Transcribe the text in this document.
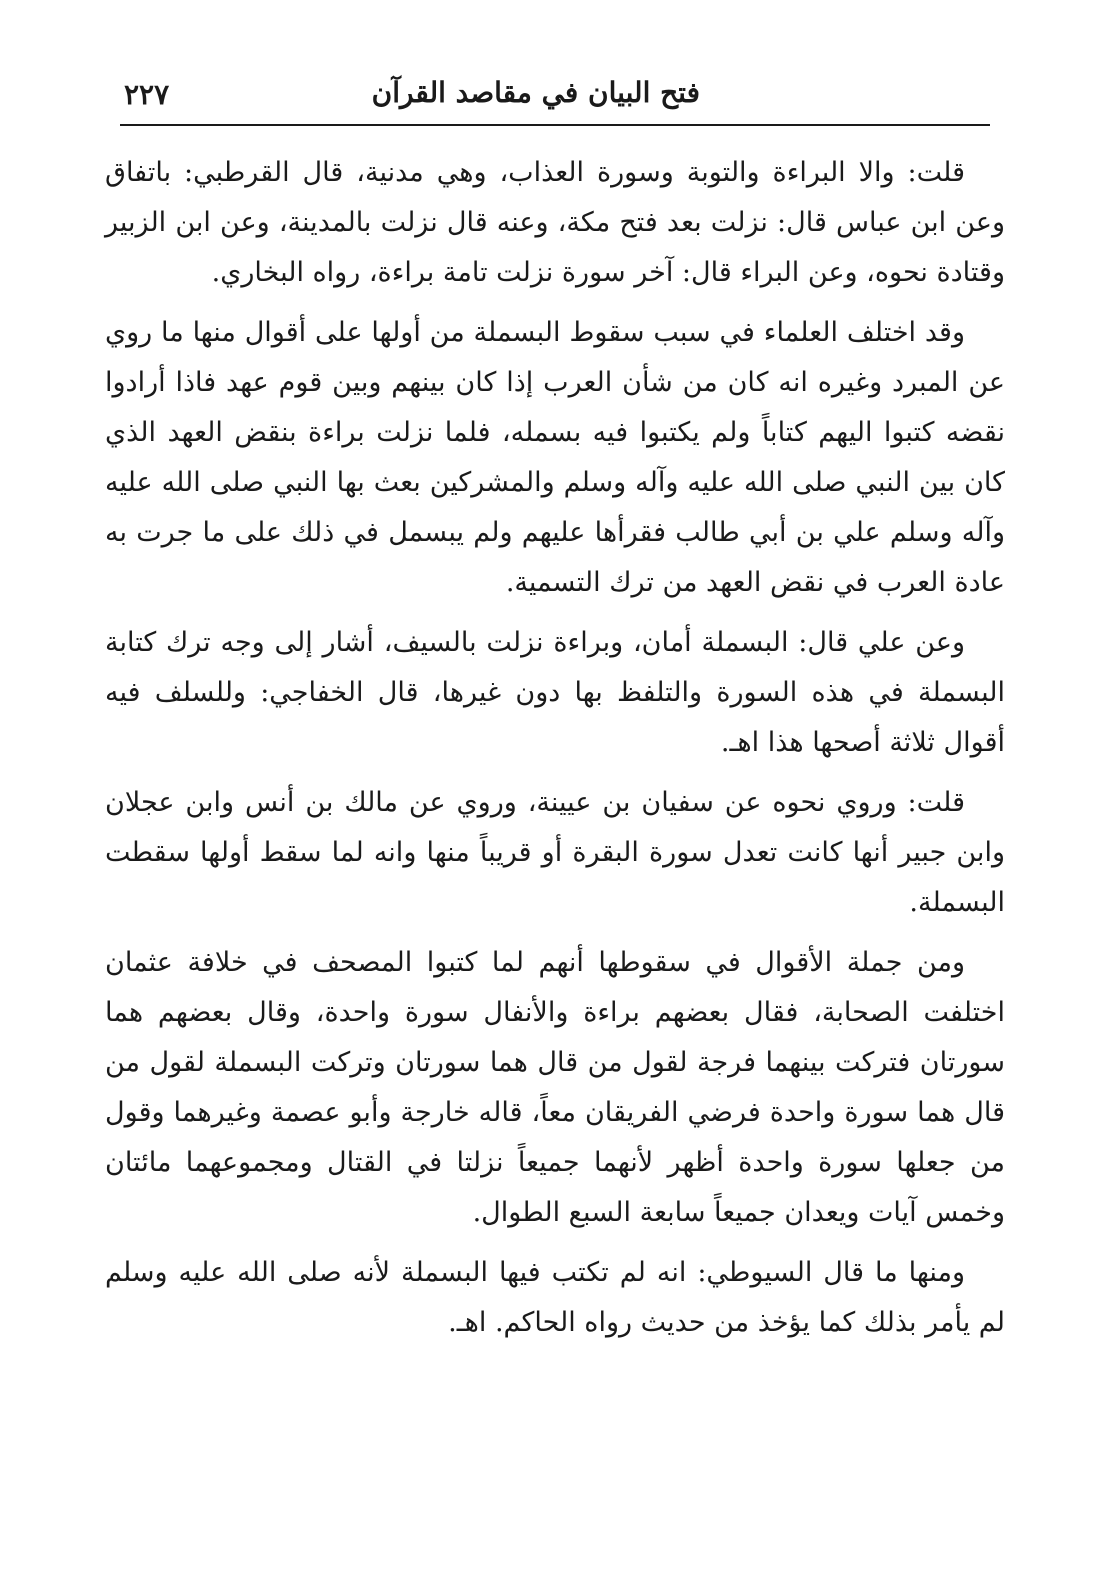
فتح البيان في مقاصد القرآن
٢٢٧

قلت: والا البراءة والتوبة وسورة العذاب، وهي مدنية، قال القرطبي: باتفاق وعن ابن عباس قال: نزلت بعد فتح مكة، وعنه قال نزلت بالمدينة، وعن ابن الزبير وقتادة نحوه، وعن البراء قال: آخر سورة نزلت تامة براءة، رواه البخاري.

وقد اختلف العلماء في سبب سقوط البسملة من أولها على أقوال منها ما روي عن المبرد وغيره انه كان من شأن العرب إذا كان بينهم وبين قوم عهد فاذا أرادوا نقضه كتبوا اليهم كتاباً ولم يكتبوا فيه بسمله، فلما نزلت براءة بنقض العهد الذي كان بين النبي صلى الله عليه وآله وسلم والمشركين بعث بها النبي صلى الله عليه وآله وسلم علي بن أبي طالب فقرأها عليهم ولم يبسمل في ذلك على ما جرت به عادة العرب في نقض العهد من ترك التسمية.

وعن علي قال: البسملة أمان، وبراءة نزلت بالسيف، أشار إلى وجه ترك كتابة البسملة في هذه السورة والتلفظ بها دون غيرها، قال الخفاجي: وللسلف فيه أقوال ثلاثة أصحها هذا اهـ.

قلت: وروي نحوه عن سفيان بن عيينة، وروي عن مالك بن أنس وابن عجلان وابن جبير أنها كانت تعدل سورة البقرة أو قريباً منها وانه لما سقط أولها سقطت البسملة.

ومن جملة الأقوال في سقوطها أنهم لما كتبوا المصحف في خلافة عثمان اختلفت الصحابة، فقال بعضهم براءة والأنفال سورة واحدة، وقال بعضهم هما سورتان فتركت بينهما فرجة لقول من قال هما سورتان وتركت البسملة لقول من قال هما سورة واحدة فرضي الفريقان معاً، قاله خارجة وأبو عصمة وغيرهما وقول من جعلها سورة واحدة أظهر لأنهما جميعاً نزلتا في القتال ومجموعهما مائتان وخمس آيات ويعدان جميعاً سابعة السبع الطوال.

ومنها ما قال السيوطي: انه لم تكتب فيها البسملة لأنه صلى الله عليه وسلم لم يأمر بذلك كما يؤخذ من حديث رواه الحاكم. اهـ.
